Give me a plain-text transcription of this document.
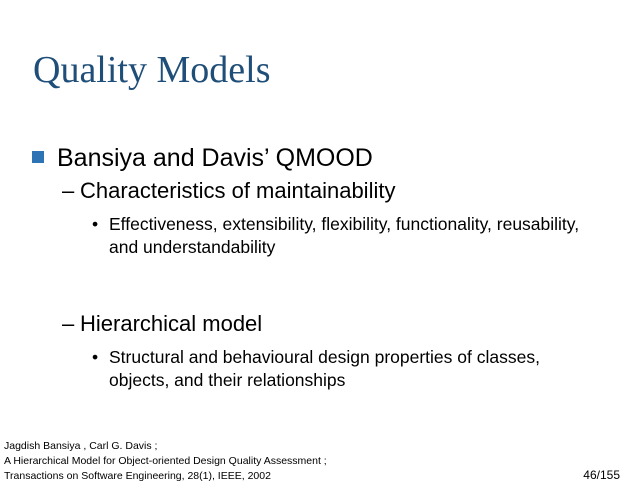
Quality Models
Bansiya and Davis’ QMOOD
– Characteristics of maintainability
• Effectiveness, extensibility, flexibility, functionality, reusability, and understandability
– Hierarchical model
• Structural and behavioural design properties of classes, objects, and their relationships
Jagdish Bansiya , Carl G. Davis ;
A Hierarchical Model for Object-oriented Design Quality Assessment ;
Transactions on Software Engineering, 28(1), IEEE, 2002	46/155
